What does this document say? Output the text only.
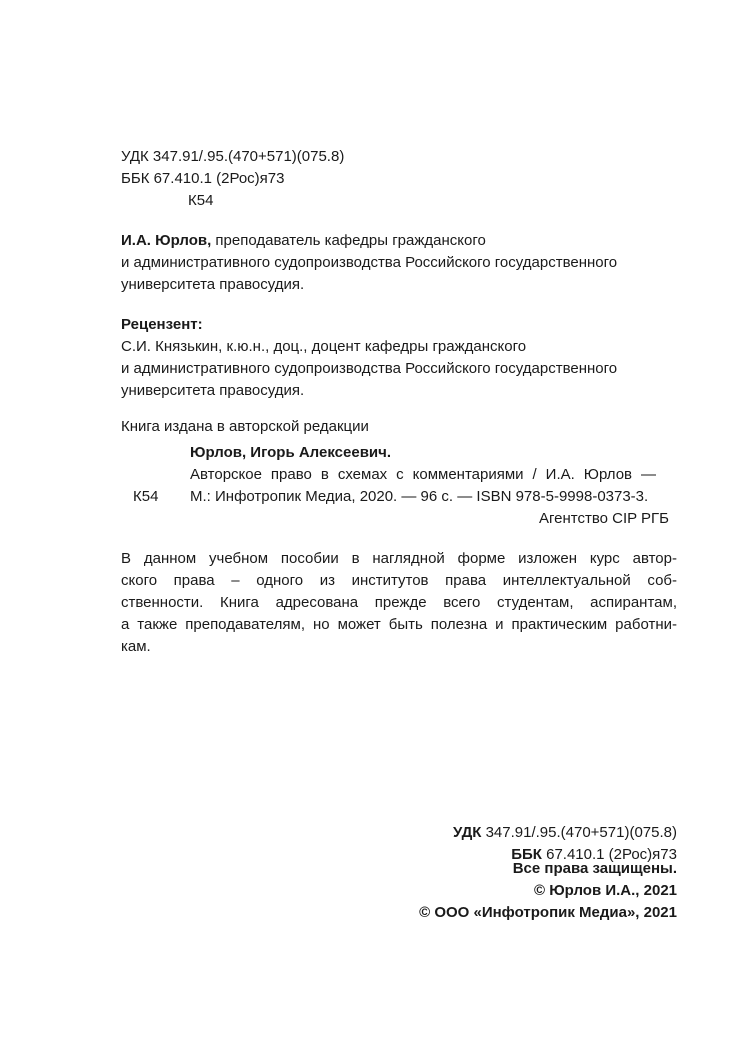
УДК 347.91/.95.(470+571)(075.8)
ББК 67.410.1 (2Рос)я73
К54
И.А. Юрлов, преподаватель кафедры гражданского
и административного судопроизводства Российского государственного
университета правосудия.
Рецензент:
С.И. Князькин, к.ю.н., доц., доцент кафедры гражданского
и административного судопроизводства Российского государственного
университета правосудия.
Книга издана в авторской редакции
Юрлов, Игорь Алексеевич.
Авторское право в схемах с комментариями / И.А. Юрлов —
К54 М.: Инфотропик Медиа, 2020. — 96 с. — ISBN 978-5-9998-0373-3.
Агентство CIP РГБ
В данном учебном пособии в наглядной форме изложен курс автор-
ского права – одного из институтов права интеллектуальной соб-
ственности. Книга адресована прежде всего студентам, аспирантам,
а также преподавателям, но может быть полезна и практическим работни-
кам.
УДК 347.91/.95.(470+571)(075.8)
ББК 67.410.1 (2Рос)я73
Все права защищены.
© Юрлов И.А., 2021
© ООО «Инфотропик Медиа», 2021
